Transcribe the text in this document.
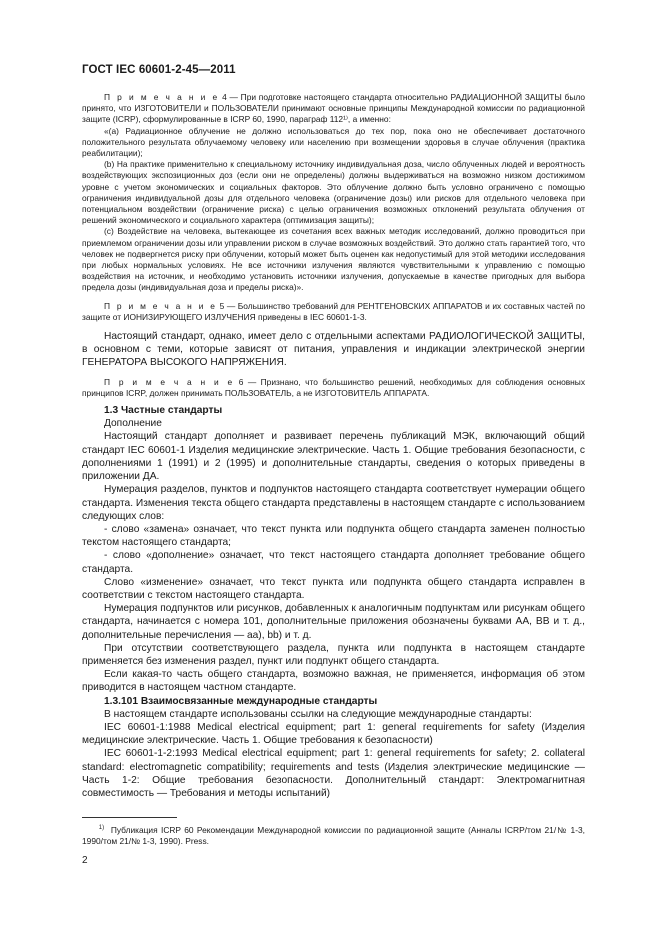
ГОСТ IEC 60601-2-45—2011

П р и м е ч а н и е 4 — При подготовке настоящего стандарта относительно РАДИАЦИОННОЙ ЗАЩИТЫ было принято, что ИЗГОТОВИТЕЛИ и ПОЛЬЗОВАТЕЛИ принимают основные принципы Международной комиссии по радиационной защите (ICRP), сформулированные в ICRP 60, 1990, параграф 112¹⁾, а именно:

«(a) Радиационное облучение не должно использоваться до тех пор, пока оно не обеспечивает достаточного положительного результата облучаемому человеку или населению при возмещении здоровья в случае облучения (практика реабилитации);

(b) На практике применительно к специальному источнику индивидуальная доза, число облученных людей и вероятность воздействующих экспозиционных доз (если они не определены) должны выдерживаться на возможно низком достижимом уровне с учетом экономических и социальных факторов. Это облучение должно быть условно ограничено с помощью ограничения индивидуальной дозы для отдельного человека (ограничение дозы) или рисков для отдельного человека при потенциальном воздействии (ограничение риска) с целью ограничения возможных отклонений результата облучения от решений экономического и социального характера (оптимизация защиты);

(c) Воздействие на человека, вытекающее из сочетания всех важных методик исследований, должно проводиться при приемлемом ограничении дозы или управлении риском в случае возможных воздействий. Это должно стать гарантией того, что человек не подвергнется риску при облучении, который может быть оценен как недопустимый для этой методики исследования при любых нормальных условиях. Не все источники излучения являются чувствительными к управлению с помощью воздействия на источник, и необходимо установить источники излучения, допускаемые в качестве пригодных для выбора предела дозы (индивидуальная доза и пределы риска)».

П р и м е ч а н и е 5 — Большинство требований для РЕНТГЕНОВСКИХ АППАРАТОВ и их составных частей по защите от ИОНИЗИРУЮЩЕГО ИЗЛУЧЕНИЯ приведены в IEC 60601-1-3.

Настоящий стандарт, однако, имеет дело с отдельными аспектами РАДИОЛОГИЧЕСКОЙ ЗАЩИТЫ, в основном с теми, которые зависят от питания, управления и индикации электрической энергии ГЕНЕРАТОРА ВЫСОКОГО НАПРЯЖЕНИЯ.

П р и м е ч а н и е 6 — Признано, что большинство решений, необходимых для соблюдения основных принципов ICRP, должен принимать ПОЛЬЗОВАТЕЛЬ, а не ИЗГОТОВИТЕЛЬ АППАРАТА.

1.3 Частные стандарты

Дополнение

Настоящий стандарт дополняет и развивает перечень публикаций МЭК, включающий общий стандарт IEC 60601-1 Изделия медицинские электрические. Часть 1. Общие требования безопасности, с дополнениями 1 (1991) и 2 (1995) и дополнительные стандарты, сведения о которых приведены в приложении ДА.

Нумерация разделов, пунктов и подпунктов настоящего стандарта соответствует нумерации общего стандарта. Изменения текста общего стандарта представлены в настоящем стандарте с использованием следующих слов:

- слово «замена» означает, что текст пункта или подпункта общего стандарта заменен полностью текстом настоящего стандарта;

- слово «дополнение» означает, что текст настоящего стандарта дополняет требование общего стандарта.

Слово «изменение» означает, что текст пункта или подпункта общего стандарта исправлен в соответствии с текстом настоящего стандарта.

Нумерация подпунктов или рисунков, добавленных к аналогичным подпунктам или рисункам общего стандарта, начинается с номера 101, дополнительные приложения обозначены буквами АА, ВВ и т. д., дополнительные перечисления — аа), bb) и т. д.

При отсутствии соответствующего раздела, пункта или подпункта в настоящем стандарте применяется без изменения раздел, пункт или подпункт общего стандарта.

Если какая-то часть общего стандарта, возможно важная, не применяется, информация об этом приводится в настоящем частном стандарте.

1.3.101 Взаимосвязанные международные стандарты

В настоящем стандарте использованы ссылки на следующие международные стандарты:

IEC 60601-1:1988 Medical electrical equipment; part 1: general requirements for safety (Изделия медицинские электрические. Часть 1. Общие требования к безопасности)

IEC 60601-1-2:1993 Medical electrical equipment; part 1: general requirements for safety; 2. collateral standard: electromagnetic compatibility; requirements and tests (Изделия электрические медицинские — Часть 1-2: Общие требования безопасности. Дополнительный стандарт: Электромагнитная совместимость — Требования и методы испытаний)

$^{1)}$ Публикация ICRP 60 Рекомендации Международной комиссии по радиационной защите (Анналы ICRP/том 21/№ 1-3, 1990/том 21/№ 1-3, 1990). Press.
2
